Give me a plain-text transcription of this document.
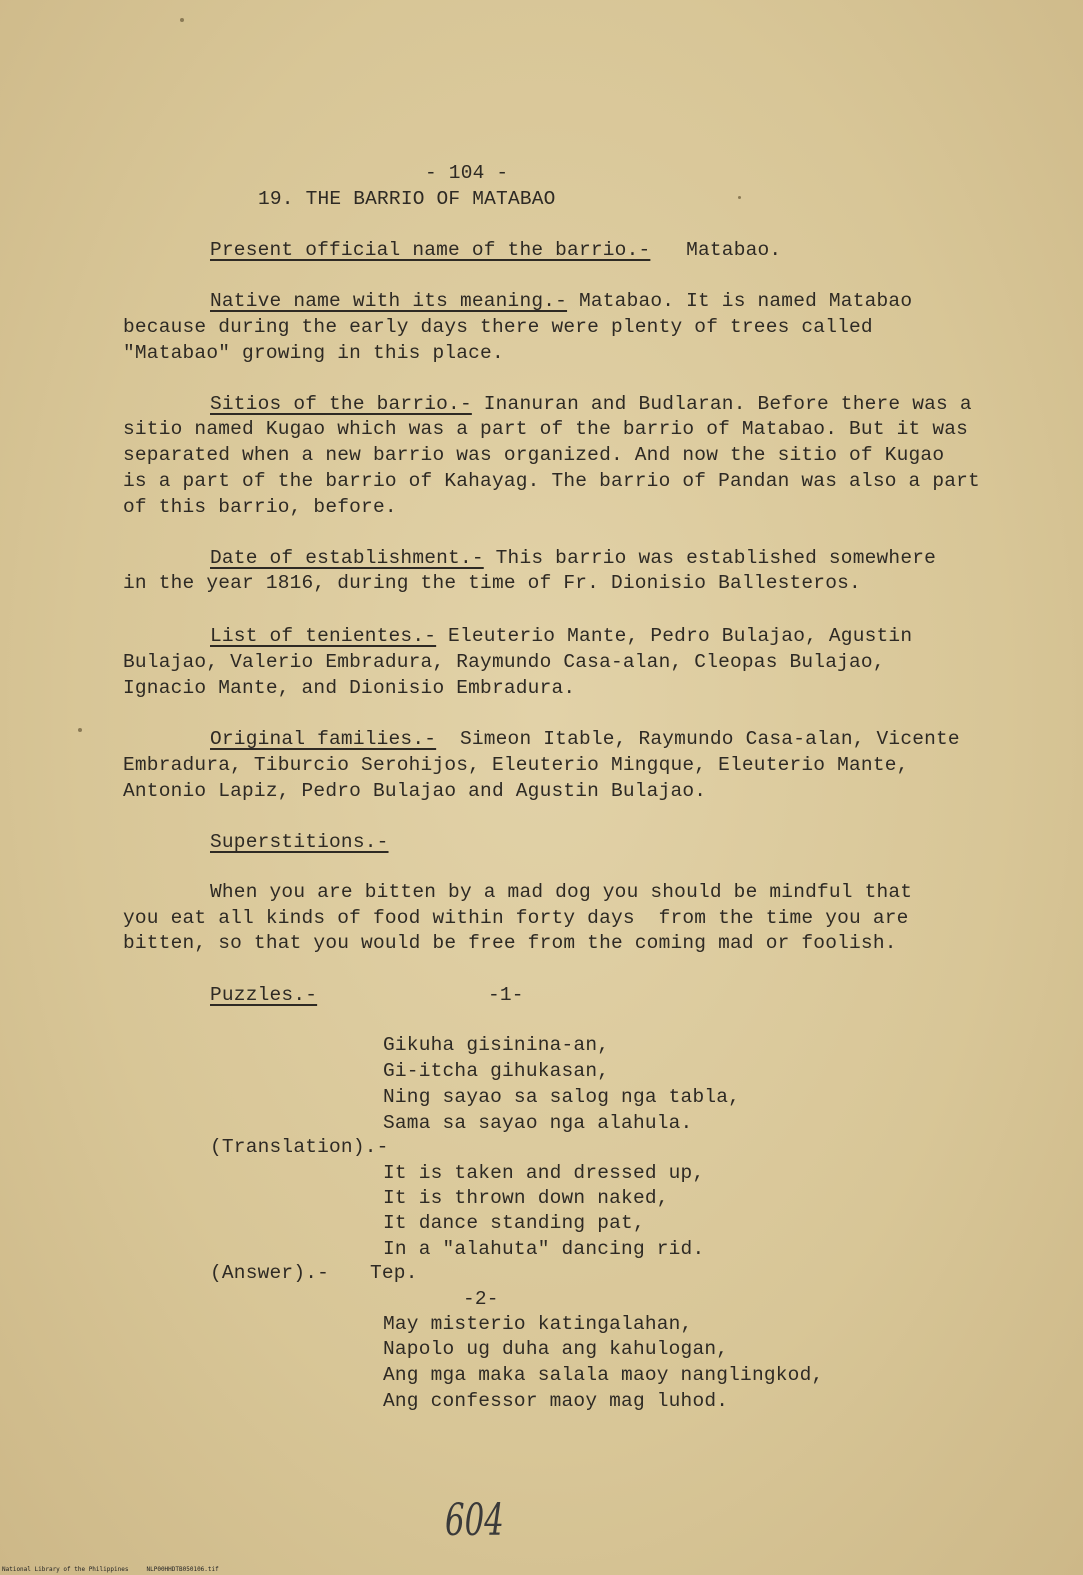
- 104 -
19. THE BARRIO OF MATABAO
Present official name of the barrio.- Matabao.
Native name with its meaning.- Matabao. It is named Matabao
because during the early days there were plenty of trees called
"Matabao" growing in this place.
Sitios of the barrio.- Inanuran and Budlaran. Before there was a
sitio named Kugao which was a part of the barrio of Matabao. But it was
separated when a new barrio was organized. And now the sitio of Kugao
is a part of the barrio of Kahayag. The barrio of Pandan was also a part
of this barrio, before.
Date of establishment.- This barrio was established somewhere
in the year 1816, during the time of Fr. Dionisio Ballesteros.
List of tenientes.- Eleuterio Mante, Pedro Bulajao, Agustin
Bulajao, Valerio Embradura, Raymundo Casa-alan, Cleopas Bulajao,
Ignacio Mante, and Dionisio Embradura.
Original families.- Simeon Itable, Raymundo Casa-alan, Vicente
Embradura, Tiburcio Serohijos, Eleuterio Mingque, Eleuterio Mante,
Antonio Lapiz, Pedro Bulajao and Agustin Bulajao.
Superstitions.-
When you are bitten by a mad dog you should be mindful that
you eat all kinds of food within forty days  from the time you are
bitten, so that you would be free from the coming mad or foolish.
Puzzles.-	-1-
Gikuha gisinina-an,
Gi-itcha gihukasan,
Ning sayao sa salog nga tabla,
Sama sa sayao nga alahula.
(Translation).-
It is taken and dressed up,
It is thrown down naked,
It dance standing pat,
In a "alahuta" dancing rid.
(Answer).- Tep.
-2-
May misterio katingalahan,
Napolo ug duha ang kahulogan,
Ang mga maka salala maoy nanglingkod,
Ang confessor maoy mag luhod.
604
National Library of the Philippines     NLP00HHDTB050106.tif
